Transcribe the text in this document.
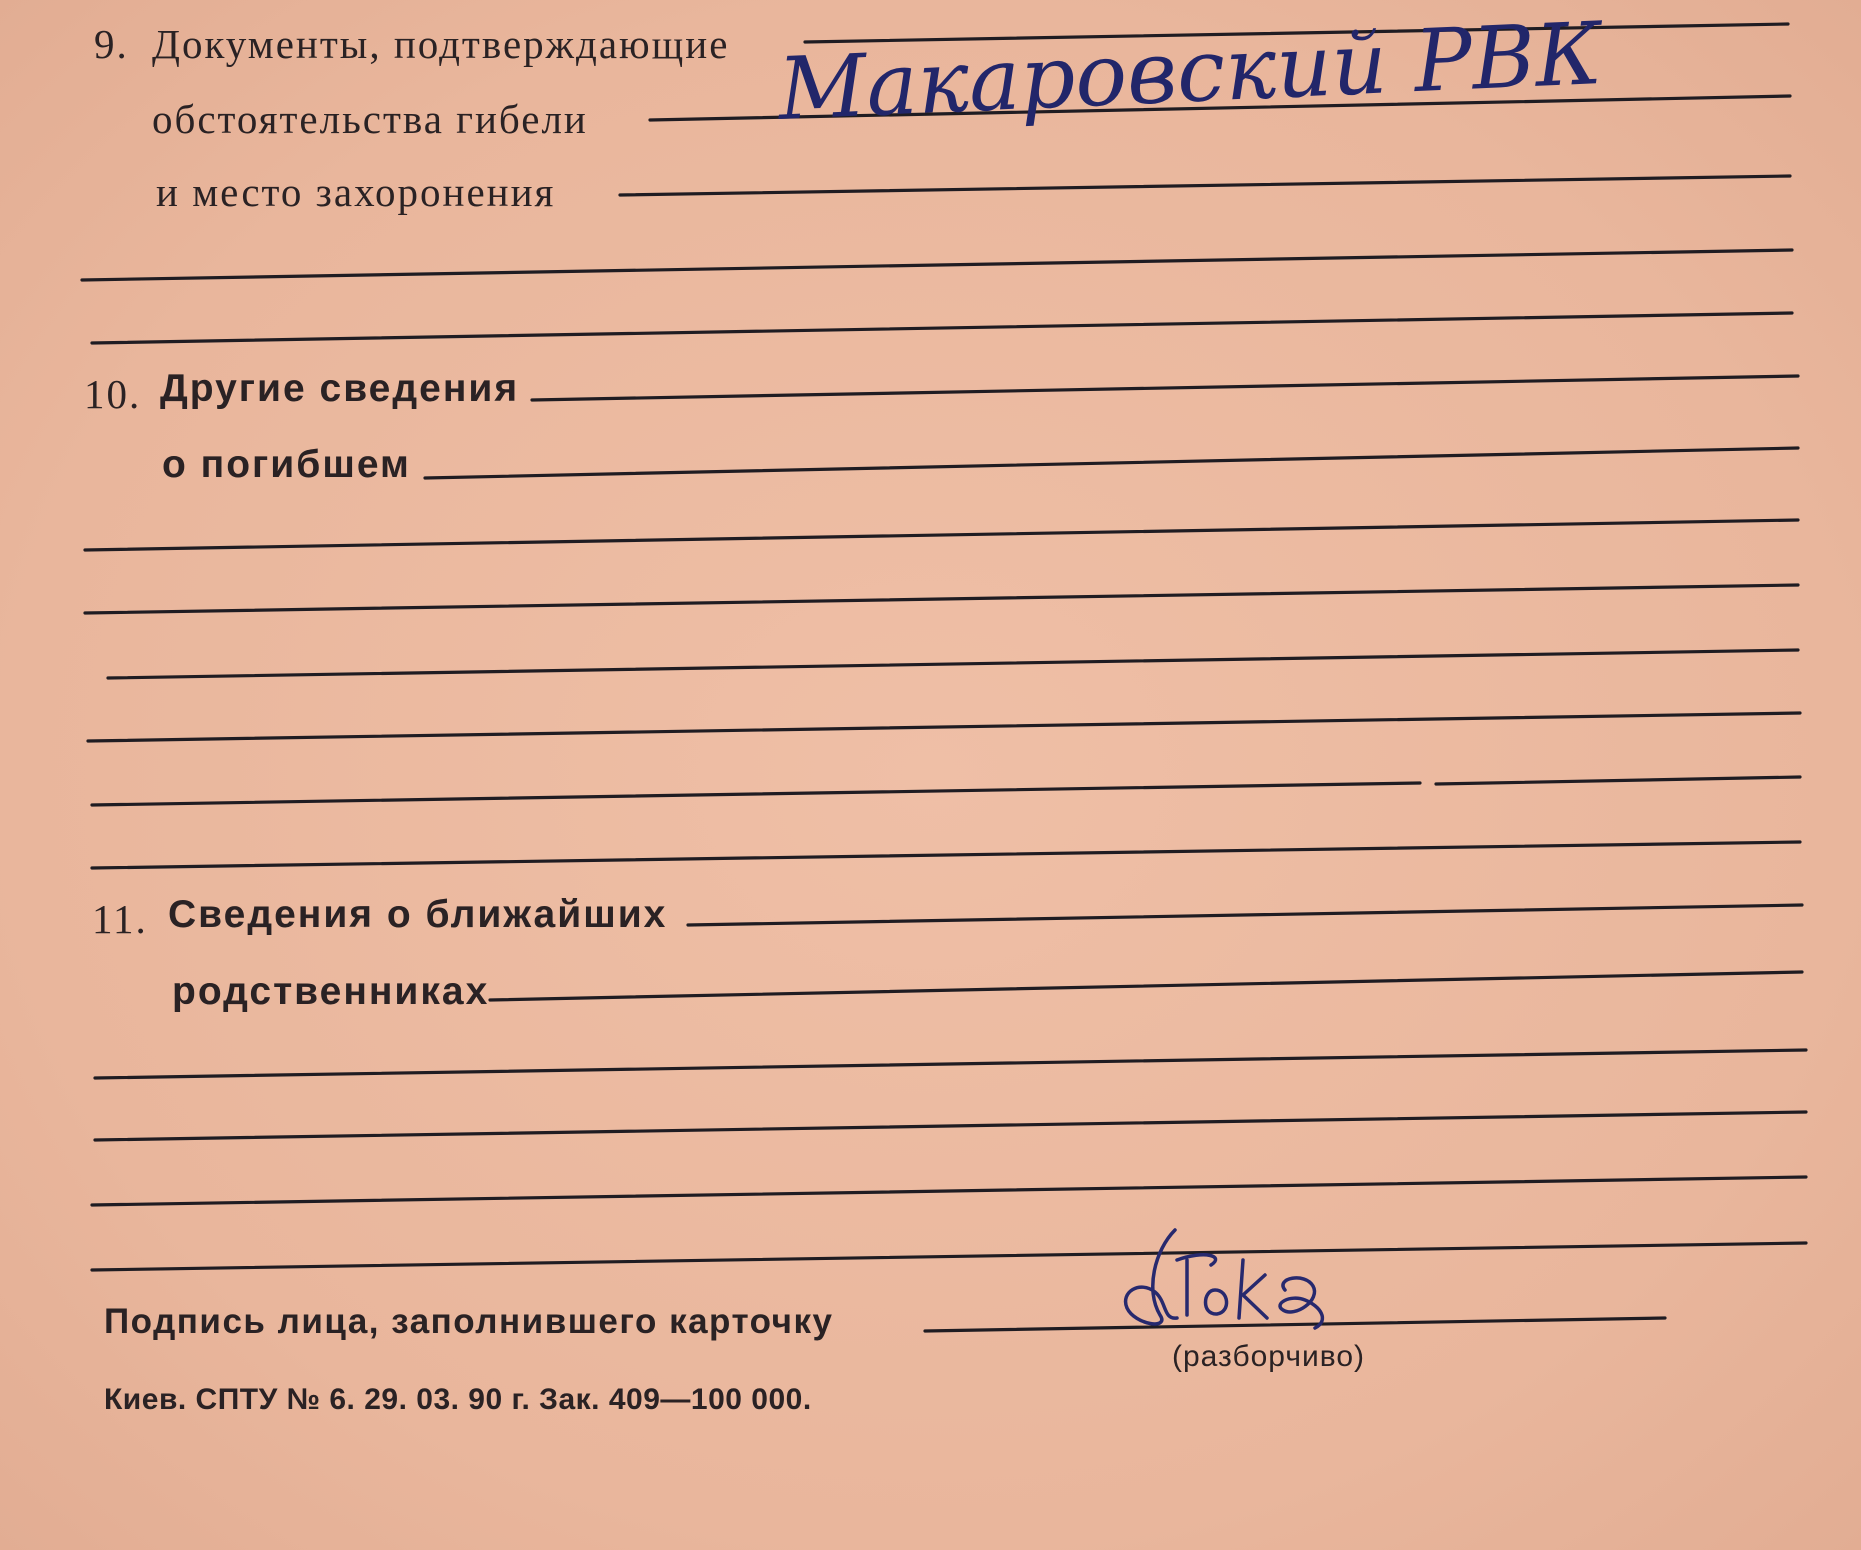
9. Документы, подтверждающие
обстоятельства гибели
и место захоронения
Макаровский РВК
10. Другие сведения
о погибшем
11. Сведения о ближайших
родственниках
Подпись лица, заполнившего карточку
(разборчиво)
Киев. СПТУ № 6. 29. 03. 90 г. Зак. 409—100 000.
